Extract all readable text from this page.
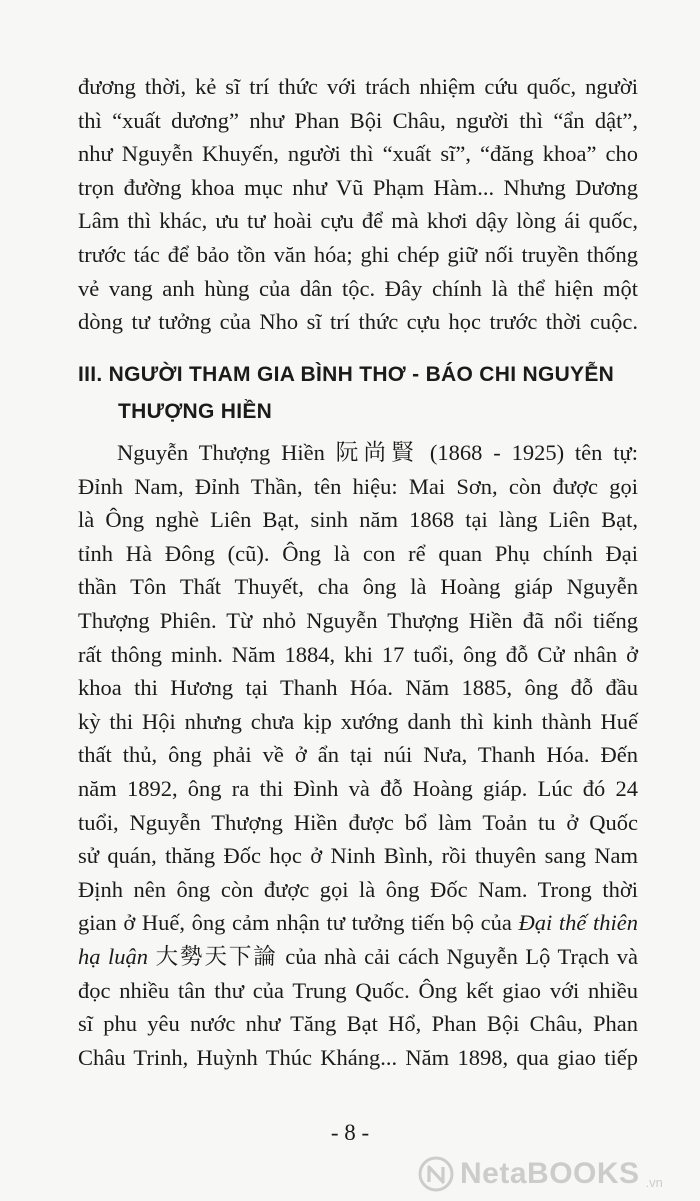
đương thời, kẻ sĩ trí thức với trách nhiệm cứu quốc, người
thì “xuất dương” như Phan Bội Châu, người thì “ẩn dật”,
như Nguyễn Khuyến, người thì “xuất sĩ”, “đăng khoa” cho
trọn đường khoa mục như Vũ Phạm Hàm... Nhưng Dương
Lâm thì khác, ưu tư hoài cựu để mà khơi dậy lòng ái quốc,
trước tác để bảo tồn văn hóa; ghi chép giữ nối truyền thống
vẻ vang anh hùng của dân tộc. Đây chính là thể hiện một
dòng tư tưởng của Nho sĩ trí thức cựu học trước thời cuộc.
III. NGƯỜI THAM GIA BÌNH THƠ - BÁO CHI NGUYỄN
THƯỢNG HIỀN
Nguyễn Thượng Hiền 阮尚賢 (1868 - 1925) tên tự:
Đỉnh Nam, Đỉnh Thần, tên hiệu: Mai Sơn, còn được gọi
là Ông nghè Liên Bạt, sinh năm 1868 tại làng Liên Bạt,
tỉnh Hà Đông (cũ). Ông là con rể quan Phụ chính Đại
thần Tôn Thất Thuyết, cha ông là Hoàng giáp Nguyễn
Thượng Phiên. Từ nhỏ Nguyễn Thượng Hiền đã nổi tiếng
rất thông minh. Năm 1884, khi 17 tuổi, ông đỗ Cử nhân ở
khoa thi Hương tại Thanh Hóa. Năm 1885, ông đỗ đầu
kỳ thi Hội nhưng chưa kịp xướng danh thì kinh thành Huế
thất thủ, ông phải về ở ẩn tại núi Nưa, Thanh Hóa. Đến
năm 1892, ông ra thi Đình và đỗ Hoàng giáp. Lúc đó 24
tuổi, Nguyễn Thượng Hiền được bổ làm Toản tu ở Quốc
sử quán, thăng Đốc học ở Ninh Bình, rồi thuyên sang Nam
Định nên ông còn được gọi là ông Đốc Nam. Trong thời
gian ở Huế, ông cảm nhận tư tưởng tiến bộ của Đại thế thiên
hạ luận 大勢天下論 của nhà cải cách Nguyễn Lộ Trạch và
đọc nhiều tân thư của Trung Quốc. Ông kết giao với nhiều
sĩ phu yêu nước như Tăng Bạt Hổ, Phan Bội Châu, Phan
Châu Trinh, Huỳnh Thúc Kháng... Năm 1898, qua giao tiếp
- 8 -
NetaBOOKS .vn
